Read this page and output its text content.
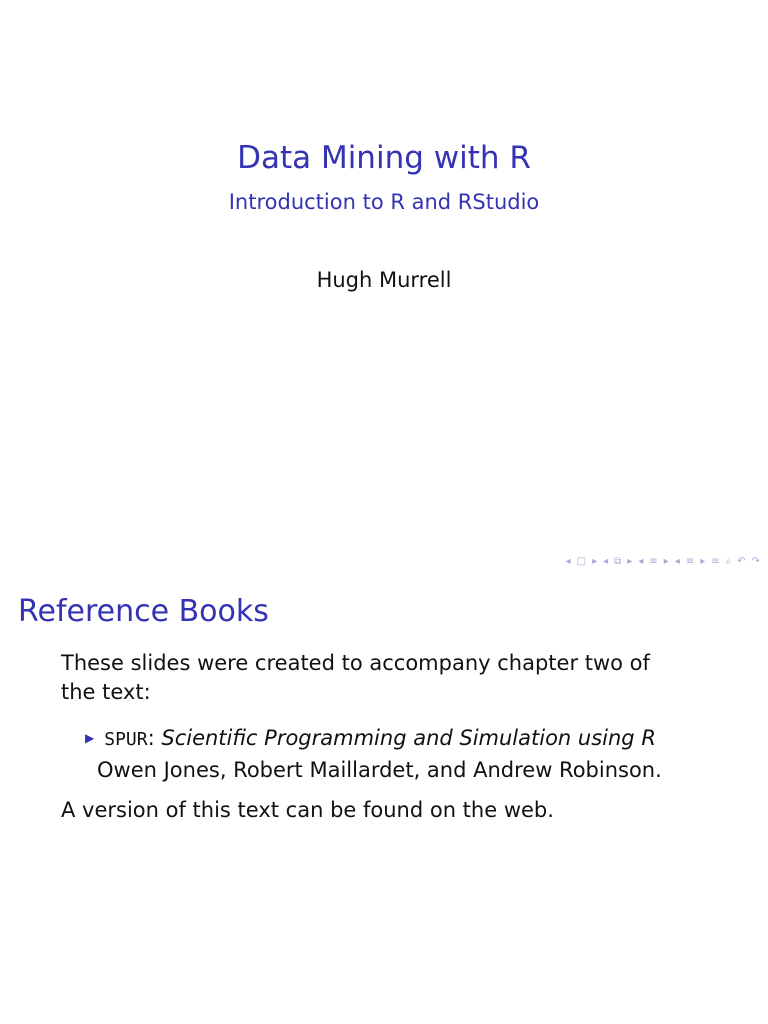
Data Mining with R

Introduction to R and RStudio

Hugh Murrell

◂ □ ▸ ◂ ⧉ ▸ ◂ ≡ ▸ ◂ ≡ ▸ ≡ ⌕ ↶ ↷
Reference Books

These slides were created to accompany chapter two of the text:

▶ SPUR: Scientific Programming and Simulation using R
Owen Jones, Robert Maillardet, and Andrew Robinson.

A version of this text can be found on the web.
